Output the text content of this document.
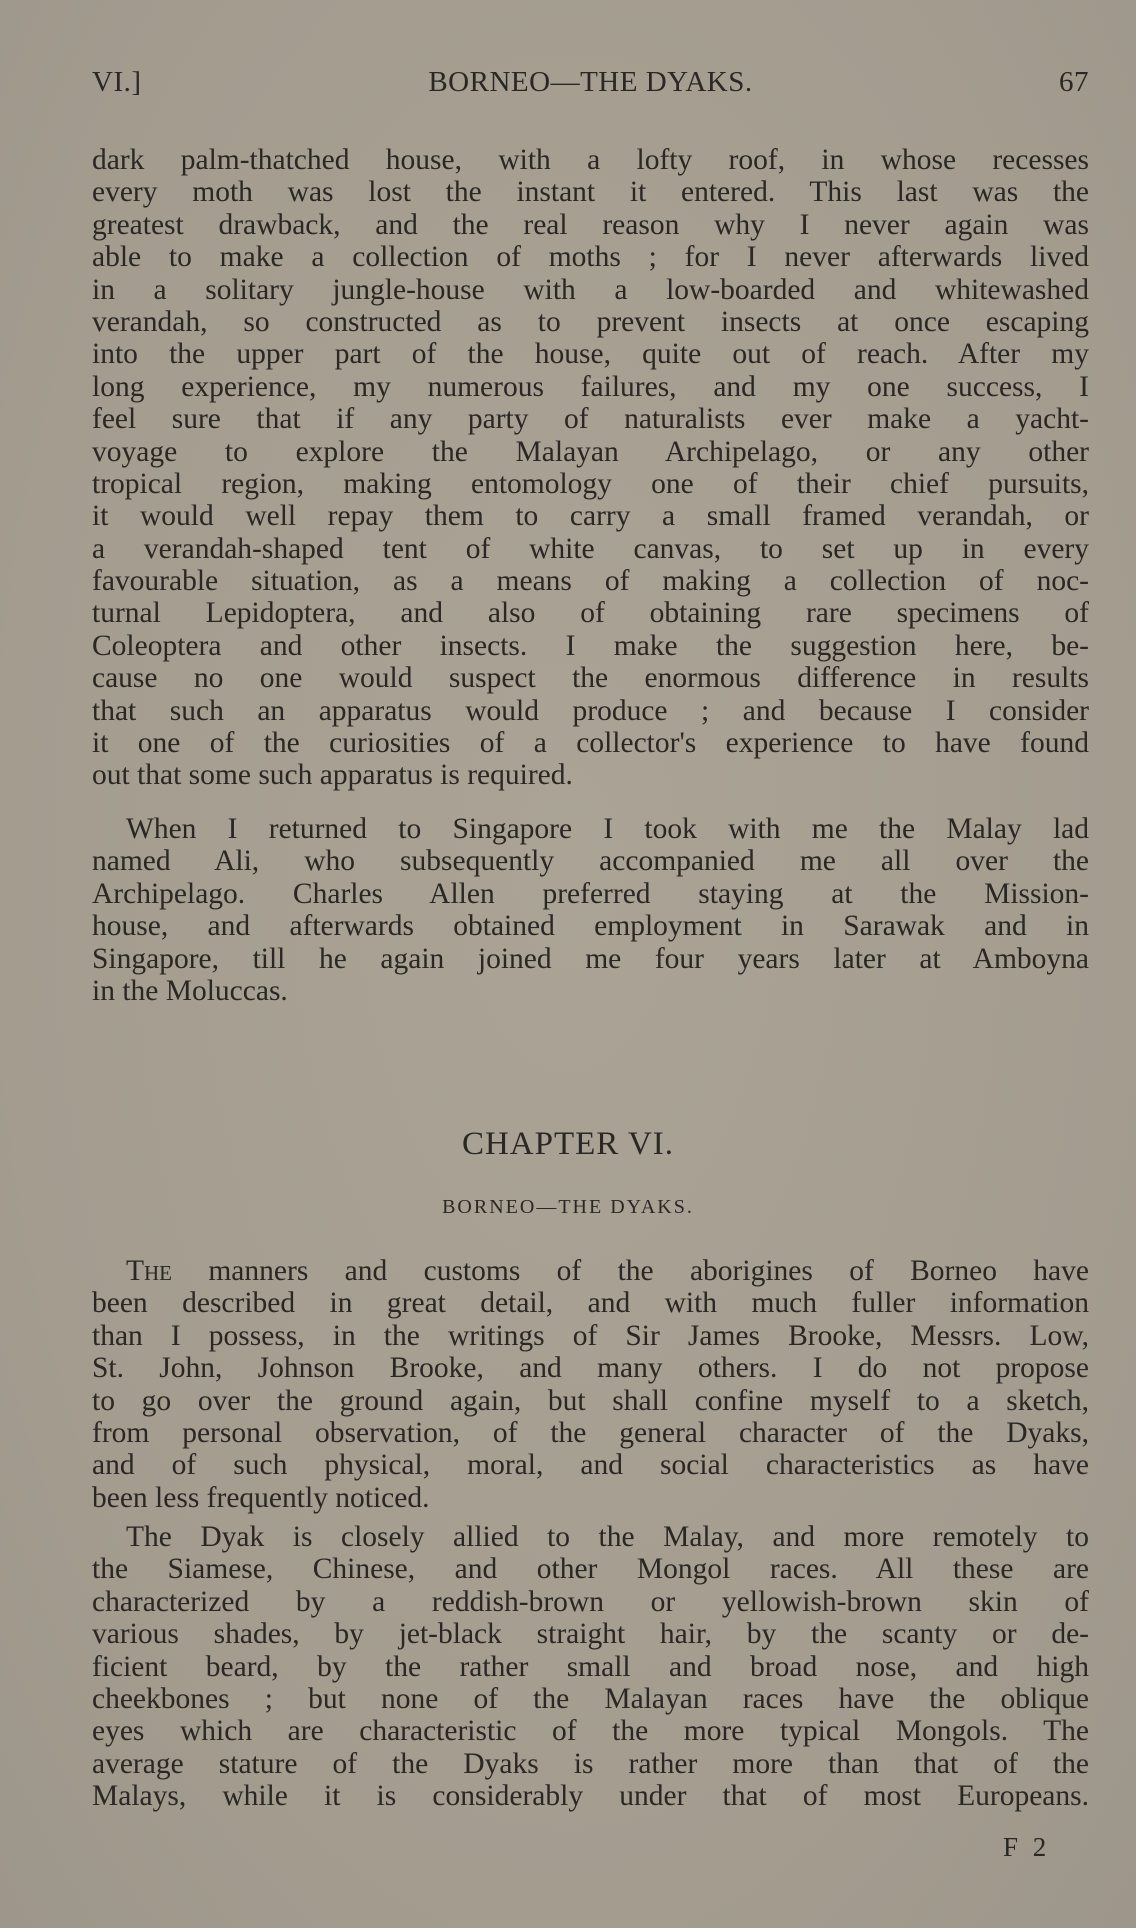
VI.]	BORNEO—THE DYAKS.	67
dark palm-thatched house, with a lofty roof, in whose recesses
every moth was lost the instant it entered. This last was the
greatest drawback, and the real reason why I never again was
able to make a collection of moths ; for I never afterwards lived
in a solitary jungle-house with a low-boarded and whitewashed
verandah, so constructed as to prevent insects at once escaping
into the upper part of the house, quite out of reach. After my
long experience, my numerous failures, and my one success, I
feel sure that if any party of naturalists ever make a yacht-
voyage to explore the Malayan Archipelago, or any other
tropical region, making entomology one of their chief pursuits,
it would well repay them to carry a small framed verandah, or
a verandah-shaped tent of white canvas, to set up in every
favourable situation, as a means of making a collection of noc-
turnal Lepidoptera, and also of obtaining rare specimens of
Coleoptera and other insects. I make the suggestion here, be-
cause no one would suspect the enormous difference in results
that such an apparatus would produce ; and because I consider
it one of the curiosities of a collector's experience to have found
out that some such apparatus is required.
When I returned to Singapore I took with me the Malay lad
named Ali, who subsequently accompanied me all over the
Archipelago. Charles Allen preferred staying at the Mission-
house, and afterwards obtained employment in Sarawak and in
Singapore, till he again joined me four years later at Amboyna
in the Moluccas.
CHAPTER VI.
BORNEO—THE DYAKS.
The manners and customs of the aborigines of Borneo have
been described in great detail, and with much fuller information
than I possess, in the writings of Sir James Brooke, Messrs. Low,
St. John, Johnson Brooke, and many others. I do not propose
to go over the ground again, but shall confine myself to a sketch,
from personal observation, of the general character of the Dyaks,
and of such physical, moral, and social characteristics as have
been less frequently noticed.
The Dyak is closely allied to the Malay, and more remotely to
the Siamese, Chinese, and other Mongol races. All these are
characterized by a reddish-brown or yellowish-brown skin of
various shades, by jet-black straight hair, by the scanty or de-
ficient beard, by the rather small and broad nose, and high
cheekbones ; but none of the Malayan races have the oblique
eyes which are characteristic of the more typical Mongols. The
average stature of the Dyaks is rather more than that of the
Malays, while it is considerably under that of most Europeans.
F 2
